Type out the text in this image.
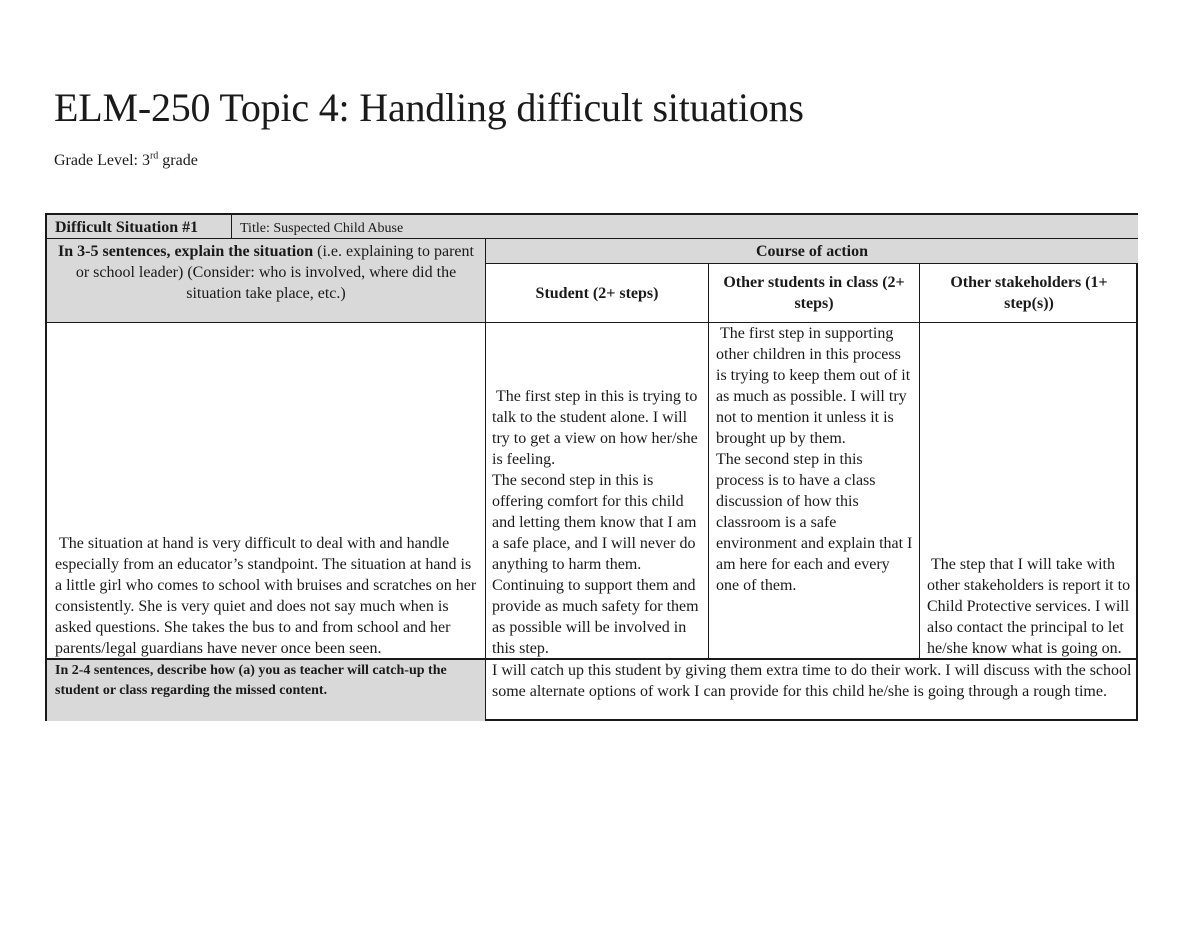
ELM-250 Topic 4: Handling difficult situations
Grade Level: 3rd grade
Difficult Situation #1	Title: Suspected Child Abuse
In 3-5 sentences, explain the situation (i.e. explaining to parent or school leader) (Consider: who is involved, where did the situation take place, etc.)
Course of action
Student (2+ steps)
Other students in class (2+ steps)
Other stakeholders (1+ step(s))
The situation at hand is very difficult to deal with and handle especially from an educator’s standpoint. The situation at hand is a little girl who comes to school with bruises and scratches on her consistently. She is very quiet and does not say much when is asked questions. She takes the bus to and from school and her parents/legal guardians have never once been seen.
The first step in this is trying to talk to the student alone. I will try to get a view on how her/she is feeling.
The second step in this is offering comfort for this child and letting them know that I am a safe place, and I will never do anything to harm them. Continuing to support them and provide as much safety for them as possible will be involved in this step.
The first step in supporting other children in this process is trying to keep them out of it as much as possible. I will try not to mention it unless it is brought up by them.
The second step in this process is to have a class discussion of how this classroom is a safe environment and explain that I am here for each and every one of them.
The step that I will take with other stakeholders is report it to Child Protective services. I will also contact the principal to let he/she know what is going on.
In 2-4 sentences, describe how (a) you as teacher will catch-up the student or class regarding the missed content.
I will catch up this student by giving them extra time to do their work. I will discuss with the school some alternate options of work I can provide for this child he/she is going through a rough time.
